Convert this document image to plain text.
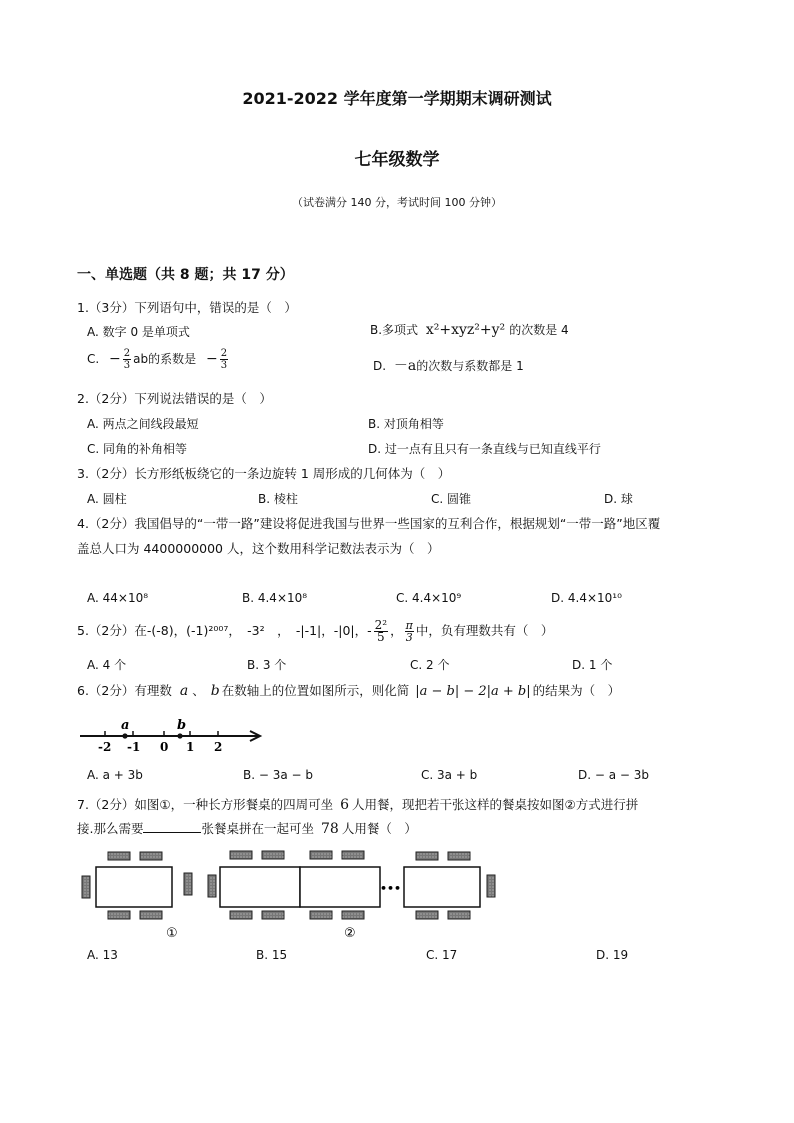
2021-2022 学年度第一学期期末调研测试
七年级数学
（试卷满分 140 分，考试时间 100 分钟）
一、单选题（共 8 题；共 17 分）
1.（3分）下列语句中，错误的是（　）
A. 数字 0 是单项式	B.多项式 x²+xyz²+y² 的次数是 4
C. − $\frac{2}{3}$ ab的系数是 − $\frac{2}{3}$	D. －a的次数与系数都是 1
2.（2分）下列说法错误的是（　）
A. 两点之间线段最短	B. 对顶角相等
C. 同角的补角相等	D. 过一点有且只有一条直线与已知直线平行
3.（2分）长方形纸板绕它的一条边旋转 1 周形成的几何体为（　）
A. 圆柱	B. 棱柱	C. 圆锥	D. 球
4.（2分）我国倡导的“一带一路”建设将促进我国与世界一些国家的互利合作，根据规划“一带一路”地区覆
盖总人口为 4400000000 人，这个数用科学记数法表示为（　）
A. 44×10⁸	B. 4.4×10⁸	C. 4.4×10⁹	D. 4.4×10¹⁰
5.（2分）在-(-8)，(-1)²⁰⁰⁷，　-3²　，　-|-1|，-|0|，- $\frac{\text{2²}}{5}$ ， $\frac{\pi}{3}$ 中，负有理数共有（　）
A. 4 个	B. 3 个	C. 2 个	D. 1 个
6.（2分）有理数 a 、 b 在数轴上的位置如图所示，则化简 |a − b| − 2|a + b| 的结果为（　）
a	b
-2 -1 0 1 2
A. a + 3b	B. − 3a − b	C. 3a + b	D. − a − 3b
7.（2分）如图①，一种长方形餐桌的四周可坐 6 人用餐，现把若干张这样的餐桌按如图②方式进行拼
接.那么需要	张餐桌拼在一起可坐 78 人用餐（　）
①
•••
②
A. 13	B. 15	C. 17	D. 19
